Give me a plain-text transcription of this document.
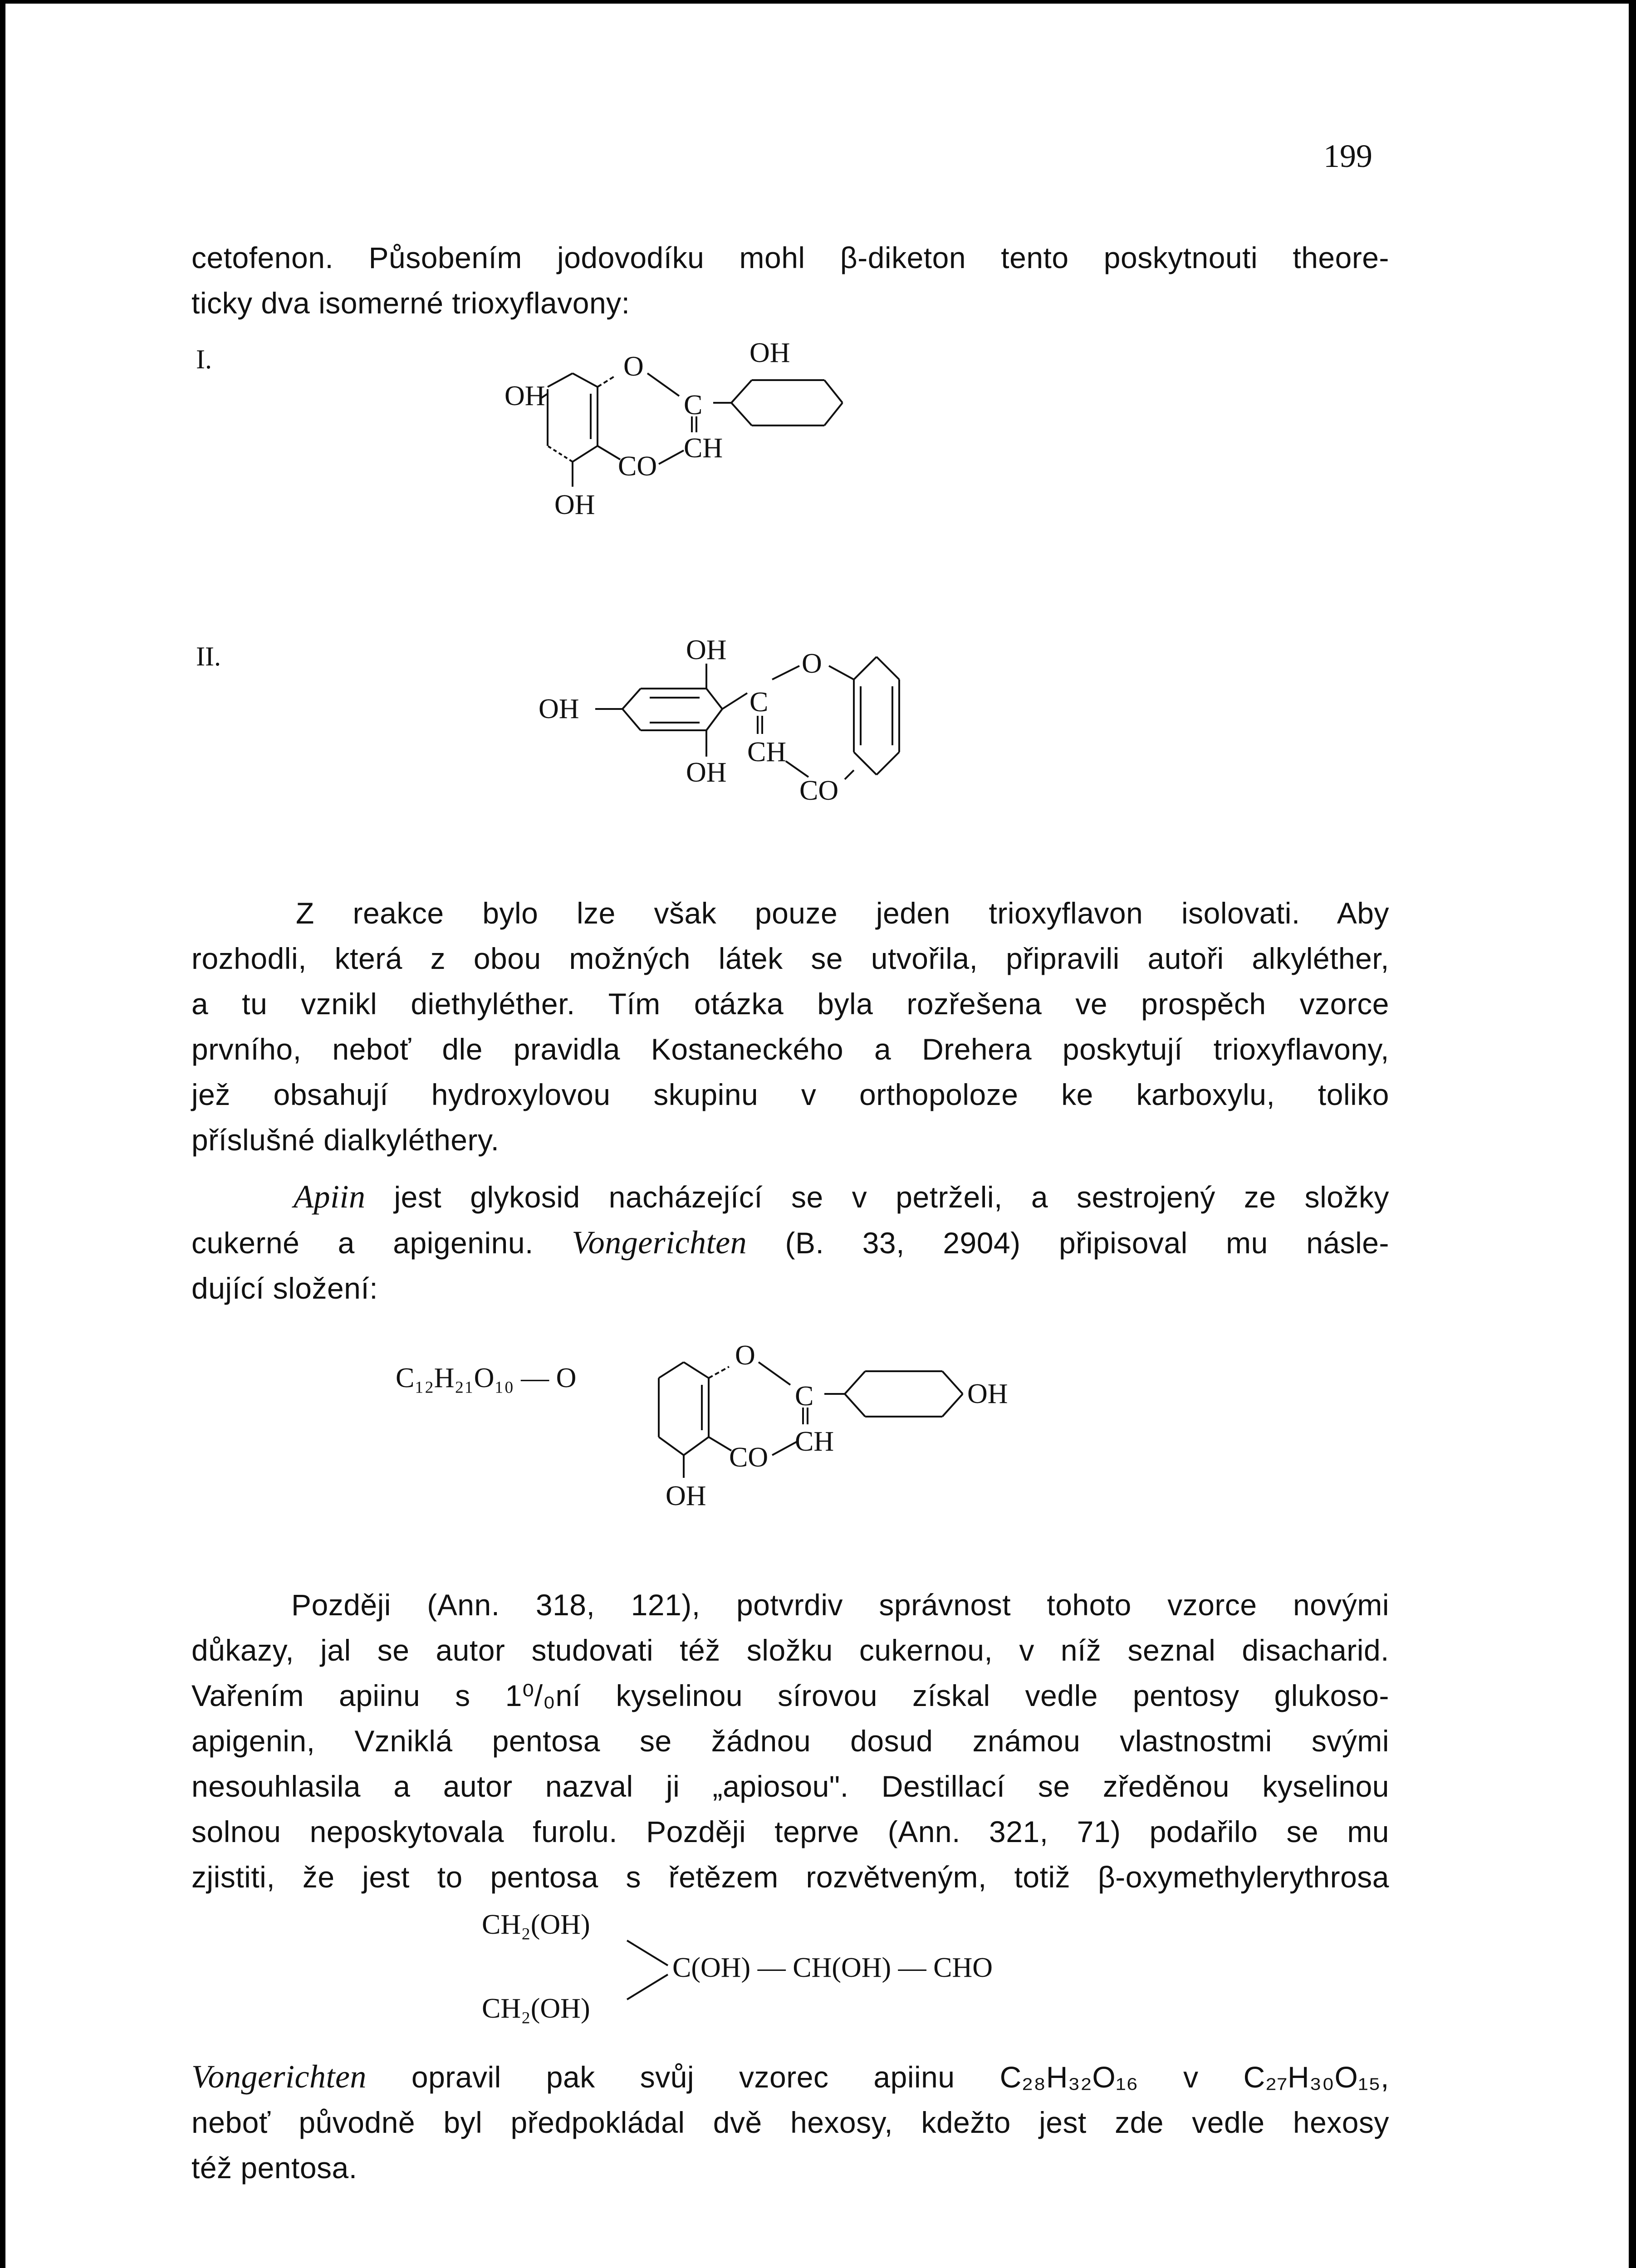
199
cetofenon. Působením jodovodíku mohl β-diketon tento poskytnouti theore-
ticky dva isomerné trioxyflavony:
I.
OH
O
C
CH
CO
OH
OH
II.	OH
OH
OH
C
O
CH
CO
Z reakce bylo lze však pouze jeden trioxyflavon isolovati. Aby
rozhodli, která z obou možných látek se utvořila, připravili autoři alkyléther,
a tu vznikl diethyléther. Tím otázka byla rozřešena ve prospěch vzorce
prvního, neboť dle pravidla Kostaneckého a Drehera poskytují trioxyflavony,
jež obsahují hydroxylovou skupinu v orthopoloze ke karboxylu, toliko
příslušné dialkyléthery.
Apiin jest glykosid nacházející se v petrželi, a sestrojený ze složky
cukerné a apigeninu. Vongerichten (B. 33, 2904) připisoval mu násle-
dující složení:
C₁₂H₂₁O₁₀ — O
O
C
CH
CO
OH
OH
Později (Ann. 318, 121), potvrdiv správnost tohoto vzorce novými
důkazy, jal se autor studovati též složku cukernou, v níž seznal disacharid.
Vařením apiinu s 1⁰/₀ní kyselinou sírovou získal vedle pentosy glukoso-
apigenin, Vzniklá pentosa se žádnou dosud známou vlastnostmi svými
nesouhlasila a autor nazval ji „apiosou". Destillací se zředěnou kyselinou
solnou neposkytovala furolu. Později teprve (Ann. 321, 71) podařilo se mu
zjistiti, že jest to pentosa s řetězem rozvětveným, totiž β-oxymethylerythrosa
CH₂(OH)
CH₂(OH)
C(OH) — CH(OH) — CHO
Vongerichten opravil pak svůj vzorec apiinu C₂₈H₃₂O₁₆ v C₂₇H₃₀O₁₅,
neboť původně byl předpokládal dvě hexosy, kdežto jest zde vedle hexosy
též pentosa.
